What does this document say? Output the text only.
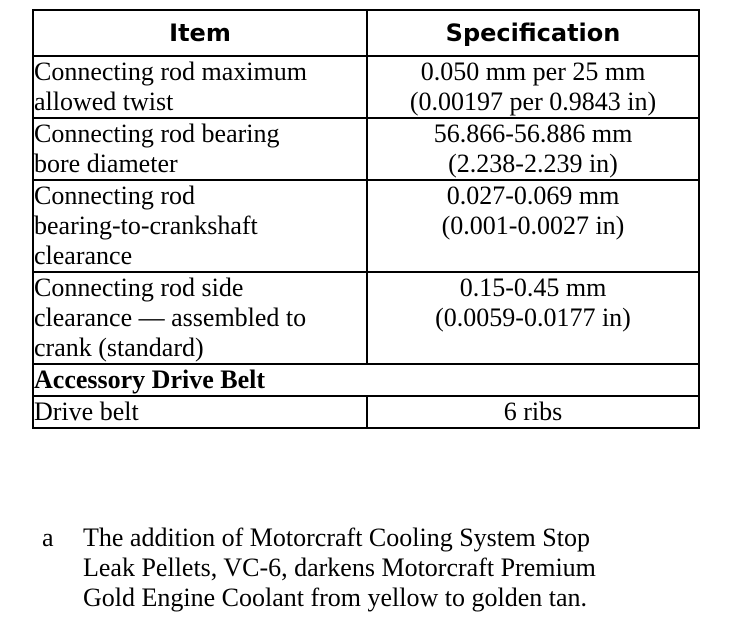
Item	Specification

Connecting rod maximum
allowed twist	0.050 mm per 25 mm
(0.00197 per 0.9843 in)

Connecting rod bearing
bore diameter	56.866-56.886 mm
(2.238-2.239 in)

Connecting rod
bearing-to-crankshaft
clearance	0.027-0.069 mm
(0.001-0.0027 in)

Connecting rod side
clearance — assembled to
crank (standard)	0.15-0.45 mm
(0.0059-0.0177 in)

Accessory Drive Belt	
Drive belt	6 ribs
a The addition of Motorcraft Cooling System Stop
Leak Pellets, VC-6, darkens Motorcraft Premium
Gold Engine Coolant from yellow to golden tan.
